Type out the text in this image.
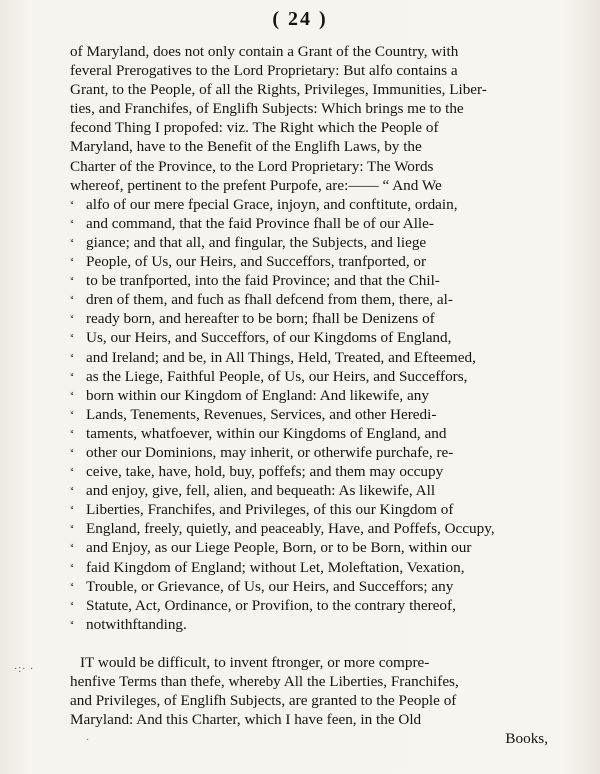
( 24 )
of Maryland, does not only contain a Grant of the Country, with
feveral Prerogatives to the Lord Proprietary: But alfo contains a
Grant, to the People, of all the Rights, Privileges, Immunities, Liber-
ties, and Franchifes, of Englifh Subjects: Which brings me to the
fecond Thing I propofed: viz. The Right which the People of
Maryland, have to the Benefit of the Englifh Laws, by the
Charter of the Province, to the Lord Proprietary: The Words
whereof, pertinent to the prefent Purpofe, are:—— “ And We
“ alfo of our mere fpecial Grace, injoyn, and conftitute, ordain,
“ and command, that the faid Province fhall be of our Alle-
“ giance; and that all, and fingular, the Subjects, and liege
“ People, of Us, our Heirs, and Succeffors, tranfported, or
“ to be tranfported, into the faid Province; and that the Chil-
“ dren of them, and fuch as fhall defcend from them, there, al-
“ ready born, and hereafter to be born; fhall be Denizens of
“ Us, our Heirs, and Succeffors, of our Kingdoms of England,
“ and Ireland; and be, in All Things, Held, Treated, and Efteemed,
“ as the Liege, Faithful People, of Us, our Heirs, and Succeffors,
“ born within our Kingdom of England: And likewife, any
“ Lands, Tenements, Revenues, Services, and other Heredi-
“ taments, whatfoever, within our Kingdoms of England, and
“ other our Dominions, may inherit, or otherwife purchafe, re-
“ ceive, take, have, hold, buy, poffefs; and them may occupy
“ and enjoy, give, fell, alien, and bequeath: As likewife, All
“ Liberties, Franchifes, and Privileges, of this our Kingdom of
“ England, freely, quietly, and peaceably, Have, and Poffefs, Occupy,
“ and Enjoy, as our Liege People, Born, or to be Born, within our
“ faid Kingdom of England; without Let, Moleftation, Vexation,
“ Trouble, or Grievance, of Us, our Heirs, and Succeffors; any
“ Statute, Act, Ordinance, or Provifion, to the contrary thereof,
“ notwithftanding.
IT would be difficult, to invent ftronger, or more compre-
henfive Terms than thefe, whereby All the Liberties, Franchifes,
and Privileges, of Englifh Subjects, are granted to the People of
Maryland: And this Charter, which I have feen, in the Old
Books,
·:· ·
·
